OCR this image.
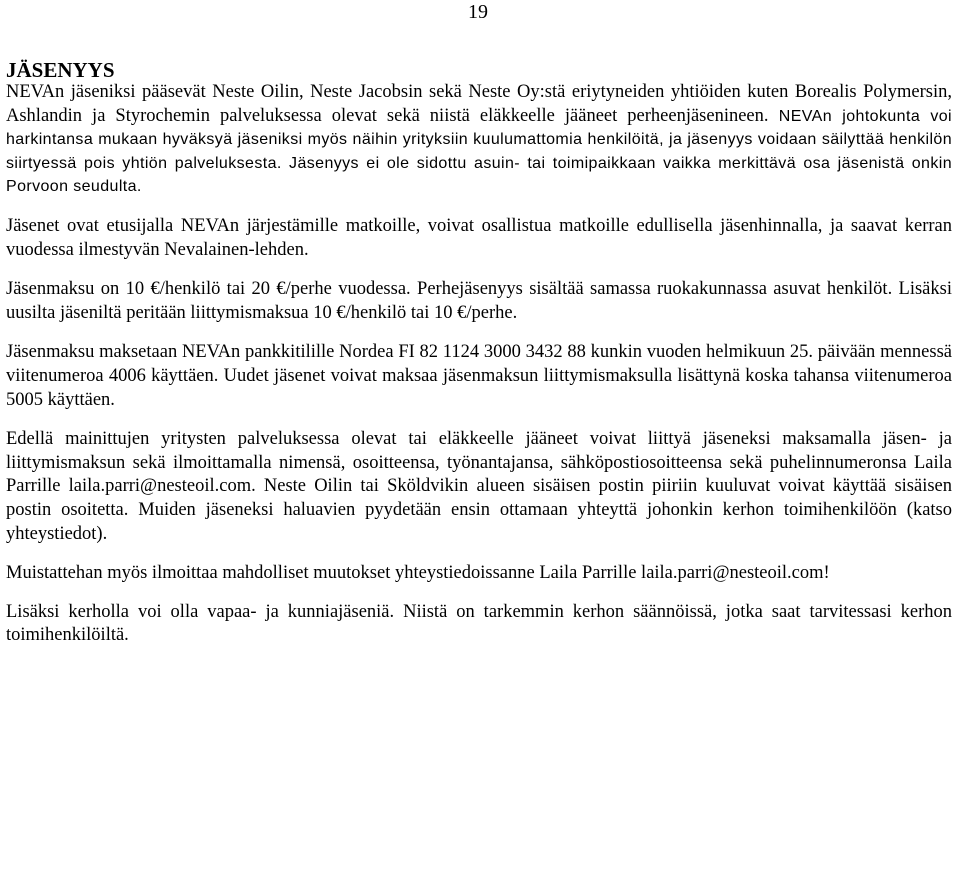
19
JÄSENYYS

NEVAn jäseniksi pääsevät Neste Oilin, Neste Jacobsin sekä Neste Oy:stä eriytyneiden yhtiöiden kuten Borealis Polymersin, Ashlandin ja Styrochemin palveluksessa olevat sekä niistä eläkkeelle jääneet perheenjäsenineen. NEVAn johtokunta voi harkintansa mukaan hyväksyä jäseniksi myös näihin yrityksiin kuulumattomia henkilöitä, ja jäsenyys voidaan säilyttää henkilön siirtyessä pois yhtiön palveluksesta. Jäsenyys ei ole sidottu asuin- tai toimipaikkaan vaikka merkittävä osa jäsenistä onkin Porvoon seudulta.

Jäsenet ovat etusijalla NEVAn järjestämille matkoille, voivat osallistua matkoille edullisella jäsenhinnalla, ja saavat kerran vuodessa ilmestyvän Nevalainen-lehden.

Jäsenmaksu on 10 €/henkilö tai 20 €/perhe vuodessa. Perhejäsenyys sisältää samassa ruokakunnassa asuvat henkilöt. Lisäksi uusilta jäseniltä peritään liittymismaksua 10 €/henkilö tai 10 €/perhe.

Jäsenmaksu maksetaan NEVAn pankkitilille Nordea FI 82 1124 3000 3432 88 kunkin vuoden helmikuun 25. päivään mennessä viitenumeroa 4006 käyttäen. Uudet jäsenet voivat maksaa jäsenmaksun liittymismaksulla lisättynä koska tahansa viitenumeroa 5005 käyttäen.

Edellä mainittujen yritysten palveluksessa olevat tai eläkkeelle jääneet voivat liittyä jäseneksi maksamalla jäsen- ja liittymismaksun sekä ilmoittamalla nimensä, osoitteensa, työnantajansa, sähköpostiosoitteensa sekä puhelinnumeronsa Laila Parrille laila.parri@nesteoil.com. Neste Oilin tai Sköldvikin alueen sisäisen postin piiriin kuuluvat voivat käyttää sisäisen postin osoitetta. Muiden jäseneksi haluavien pyydetään ensin ottamaan yhteyttä johonkin kerhon toimihenkilöön (katso yhteystiedot).

Muistattehan myös ilmoittaa mahdolliset muutokset yhteystiedoissanne Laila Parrille laila.parri@nesteoil.com!

Lisäksi kerholla voi olla vapaa- ja kunniajäseniä. Niistä on tarkemmin kerhon säännöissä, jotka saat tarvitessasi kerhon toimihenkilöiltä.
